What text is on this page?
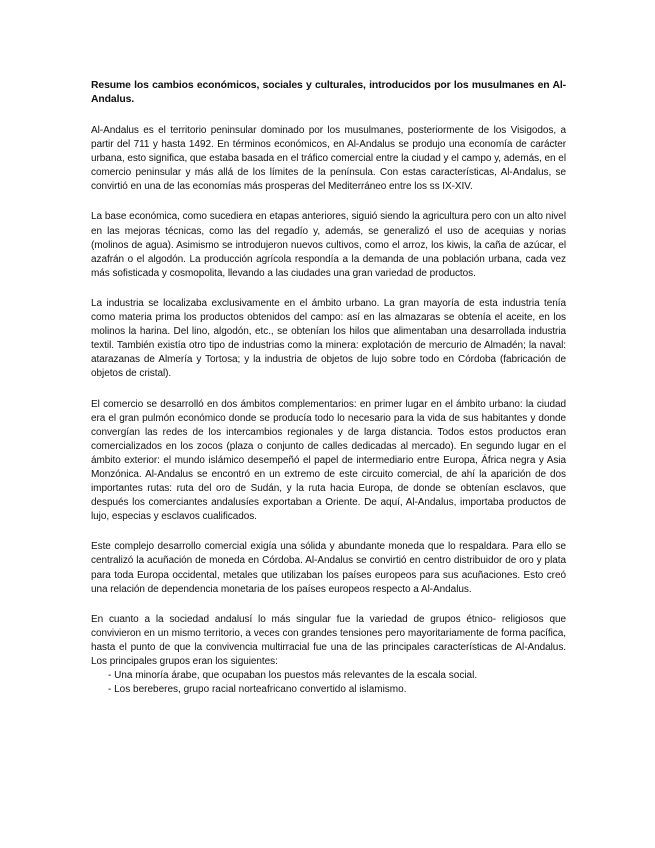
Resume los cambios económicos, sociales y culturales, introducidos por los musulmanes en Al-Andalus.

Al-Andalus es el territorio peninsular dominado por los musulmanes, posteriormente de los Visigodos, a partir del 711 y hasta 1492. En términos económicos, en Al-Andalus se produjo una economía de carácter urbana, esto significa, que estaba basada en el tráfico comercial entre la ciudad y el campo y, además, en el comercio peninsular y más allá de los límites de la península. Con estas características, Al-Andalus, se convirtió en una de las economías más prosperas del Mediterráneo entre los ss IX-XIV.

La base económica, como sucediera en etapas anteriores, siguió siendo la agricultura pero con un alto nivel en las mejoras técnicas, como las del regadío y, además, se generalizó el uso de acequias y norias (molinos de agua). Asimismo se introdujeron nuevos cultivos, como el arroz, los kiwis, la caña de azúcar, el azafrán o el algodón. La producción agrícola respondía a la demanda de una población urbana, cada vez más sofisticada y cosmopolita, llevando a las ciudades una gran variedad de productos.

La industria se localizaba exclusivamente en el ámbito urbano. La gran mayoría de esta industria tenía como materia prima los productos obtenidos del campo: así en las almazaras se obtenía el aceite, en los molinos la harina. Del lino, algodón, etc., se obtenían los hilos que alimentaban una desarrollada industria textil. También existía otro tipo de industrias como la minera: explotación de mercurio de Almadén; la naval: atarazanas de Almería y Tortosa; y la industria de objetos de lujo sobre todo en Córdoba (fabricación de objetos de cristal).

El comercio se desarrolló en dos ámbitos complementarios: en primer lugar en el ámbito urbano: la ciudad era el gran pulmón económico donde se producía todo lo necesario para la vida de sus habitantes y donde convergían las redes de los intercambios regionales y de larga distancia. Todos estos productos eran comercializados en los zocos (plaza o conjunto de calles dedicadas al mercado). En segundo lugar en el ámbito exterior: el mundo islámico desempeñó el papel de intermediario entre Europa, África negra y Asia Monzónica. Al-Andalus se encontró en un extremo de este circuito comercial, de ahí la aparición de dos importantes rutas: ruta del oro de Sudán, y la ruta hacia Europa, de donde se obtenían esclavos, que después los comerciantes andalusíes exportaban a Oriente. De aquí, Al-Andalus, importaba productos de lujo, especias y esclavos cualificados.

Este complejo desarrollo comercial exigía una sólida y abundante moneda que lo respaldara. Para ello se centralizó la acuñación de moneda en Córdoba. Al-Andalus se convirtió en centro distribuidor de oro y plata para toda Europa occidental, metales que utilizaban los países europeos para sus acuñaciones. Esto creó una relación de dependencia monetaria de los países europeos respecto a Al-Andalus.

En cuanto a la sociedad andalusí lo más singular fue la variedad de grupos étnico- religiosos que convivieron en un mismo territorio, a veces con grandes tensiones pero mayoritariamente de forma pacífica, hasta el punto de que la convivencia multirracial fue una de las principales características de Al-Andalus. Los principales grupos eran los siguientes:

- Una minoría árabe, que ocupaban los puestos más relevantes de la escala social.
- Los bereberes, grupo racial norteafricano convertido al islamismo.
